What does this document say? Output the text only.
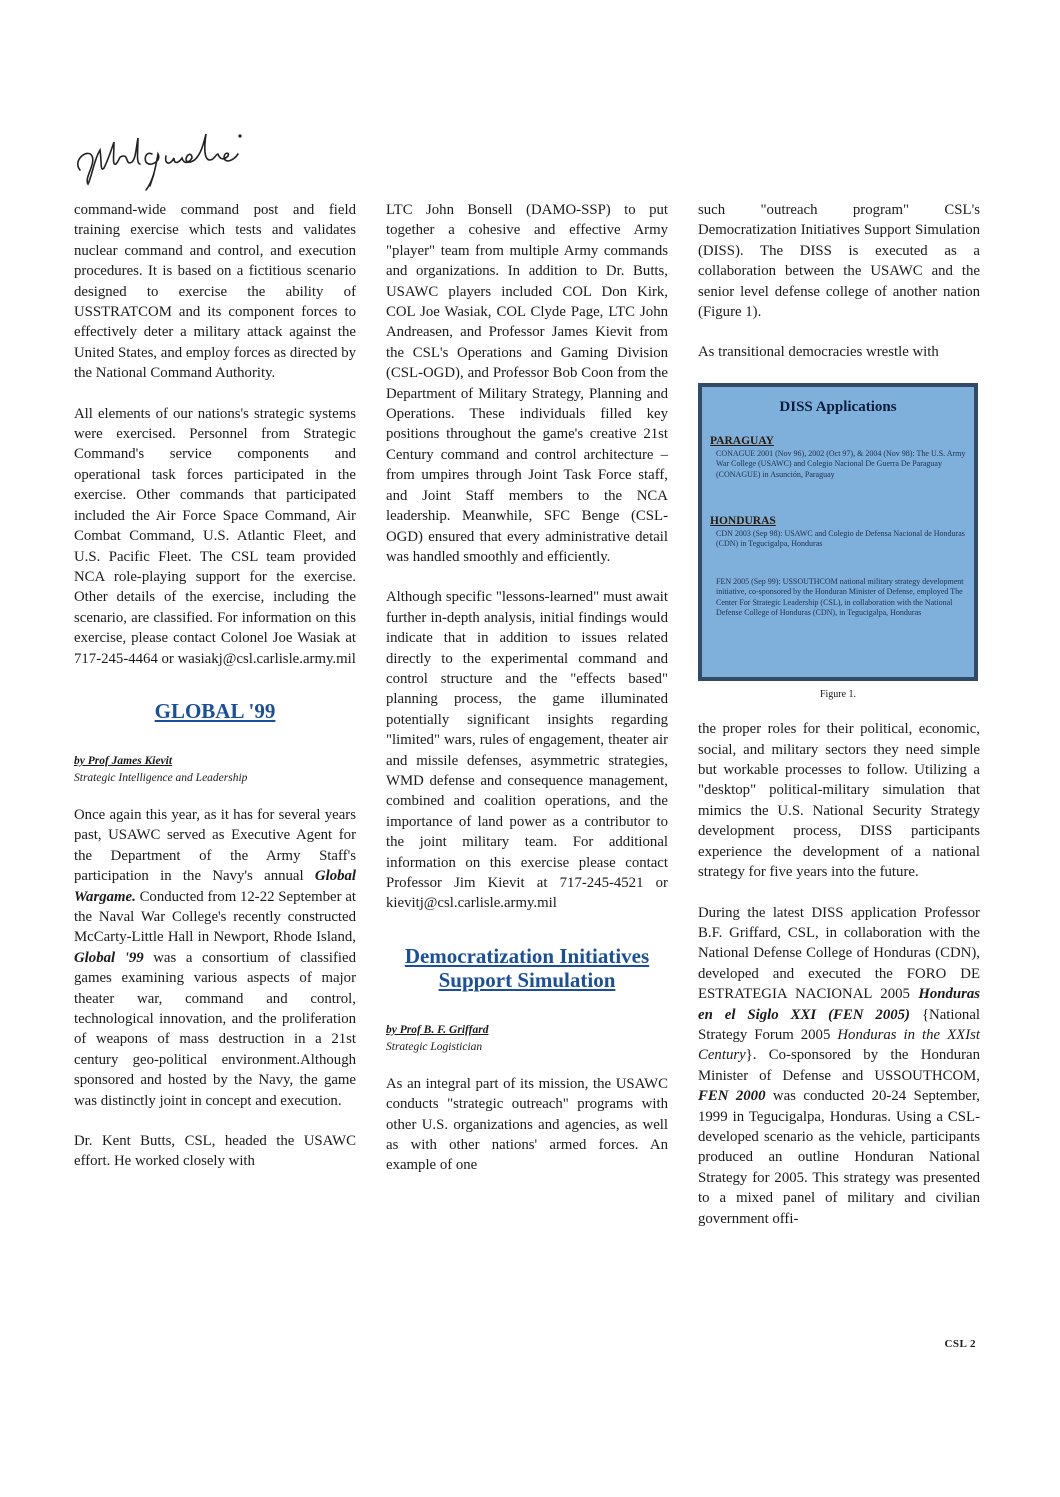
command-wide command post and field training exercise which tests and validates nuclear command and control, and execution procedures. It is based on a fictitious scenario designed to exercise the ability of USSTRATCOM and its component forces to effectively deter a military attack against the United States, and employ forces as directed by the National Command Authority.

All elements of our nations's strategic systems were exercised. Personnel from Strategic Command's service components and operational task forces participated in the exercise. Other commands that participated included the Air Force Space Command, Air Combat Command, U.S. Atlantic Fleet, and U.S. Pacific Fleet. The CSL team provided NCA role-playing support for the exercise. Other details of the exercise, including the scenario, are classified. For information on this exercise, please contact Colonel Joe Wasiak at 717-245-4464 or wasiakj@csl.carlisle.army.mil

GLOBAL '99
by Prof James Kievit
Strategic Intelligence and Leadership

Once again this year, as it has for several years past, USAWC served as Executive Agent for the Department of the Army Staff's participation in the Navy's annual Global Wargame. Conducted from 12-22 September at the Naval War College's recently constructed McCarty-Little Hall in Newport, Rhode Island, Global '99 was a consortium of classified games examining various aspects of major theater war, command and control, technological innovation, and the proliferation of weapons of mass destruction in a 21st century geo-political environment.Although sponsored and hosted by the Navy, the game was distinctly joint in concept and execution.

Dr. Kent Butts, CSL, headed the USAWC effort. He worked closely with

LTC John Bonsell (DAMO-SSP) to put together a cohesive and effective Army "player" team from multiple Army commands and organizations. In addition to Dr. Butts, USAWC players included COL Don Kirk, COL Joe Wasiak, COL Clyde Page, LTC John Andreasen, and Professor James Kievit from the CSL's Operations and Gaming Division (CSL-OGD), and Professor Bob Coon from the Department of Military Strategy, Planning and Operations. These individuals filled key positions throughout the game's creative 21st Century command and control architecture – from umpires through Joint Task Force staff, and Joint Staff members to the NCA leadership. Meanwhile, SFC Benge (CSL-OGD) ensured that every administrative detail was handled smoothly and efficiently.

Although specific "lessons-learned" must await further in-depth analysis, initial findings would indicate that in addition to issues related directly to the experimental command and control structure and the "effects based" planning process, the game illuminated potentially significant insights regarding "limited" wars, rules of engagement, theater air and missile defenses, asymmetric strategies, WMD defense and consequence management, combined and coalition operations, and the importance of land power as a contributor to the joint military team. For additional information on this exercise please contact Professor Jim Kievit at 717-245-4521 or kievitj@csl.carlisle.army.mil

Democratization Initiatives
Support Simulation
by Prof B. F. Griffard
Strategic Logistician

As an integral part of its mission, the USAWC conducts "strategic outreach" programs with other U.S. organizations and agencies, as well as with other nations' armed forces. An example of one

such "outreach program" CSL's Democratization Initiatives Support Simulation (DISS). The DISS is executed as a collaboration between the USAWC and the senior level defense college of another nation (Figure 1).

As transitional democracies wrestle with

DISS Applications
PARAGUAY
CONAGUE 2001 (Nov 96), 2002 (Oct 97), & 2004 (Nov 98): The U.S. Army War College (USAWC) and Colegio Nacional De Guerra De Paraguay (CONAGUE) in Asunción, Paraguay
HONDURAS
CDN 2003 (Sep 98): USAWC and Colegio de Defensa Nacional de Honduras (CDN) in Tegucigalpa, Honduras
FEN 2005 (Sep 99): USSOUTHCOM national military strategy development initiative, co-sponsored by the Honduran Minister of Defense, employed The Center For Strategic Leadership (CSL), in collaboration with the National Defense College of Honduras (CDN), in Tegucigalpa, Honduras
Figure 1.

the proper roles for their political, economic, social, and military sectors they need simple but workable processes to follow. Utilizing a "desktop" political-military simulation that mimics the U.S. National Security Strategy development process, DISS participants experience the development of a national strategy for five years into the future.

During the latest DISS application Professor B.F. Griffard, CSL, in collaboration with the National Defense College of Honduras (CDN), developed and executed the FORO DE ESTRATEGIA NACIONAL 2005 Honduras en el Siglo XXI (FEN 2005) {National Strategy Forum 2005 Honduras in the XXIst Century}. Co-sponsored by the Honduran Minister of Defense and USSOUTHCOM, FEN 2000 was conducted 20-24 September, 1999 in Tegucigalpa, Honduras. Using a CSL-developed scenario as the vehicle, participants produced an outline Honduran National Strategy for 2005. This strategy was presented to a mixed panel of military and civilian government offi-

CSL 2
